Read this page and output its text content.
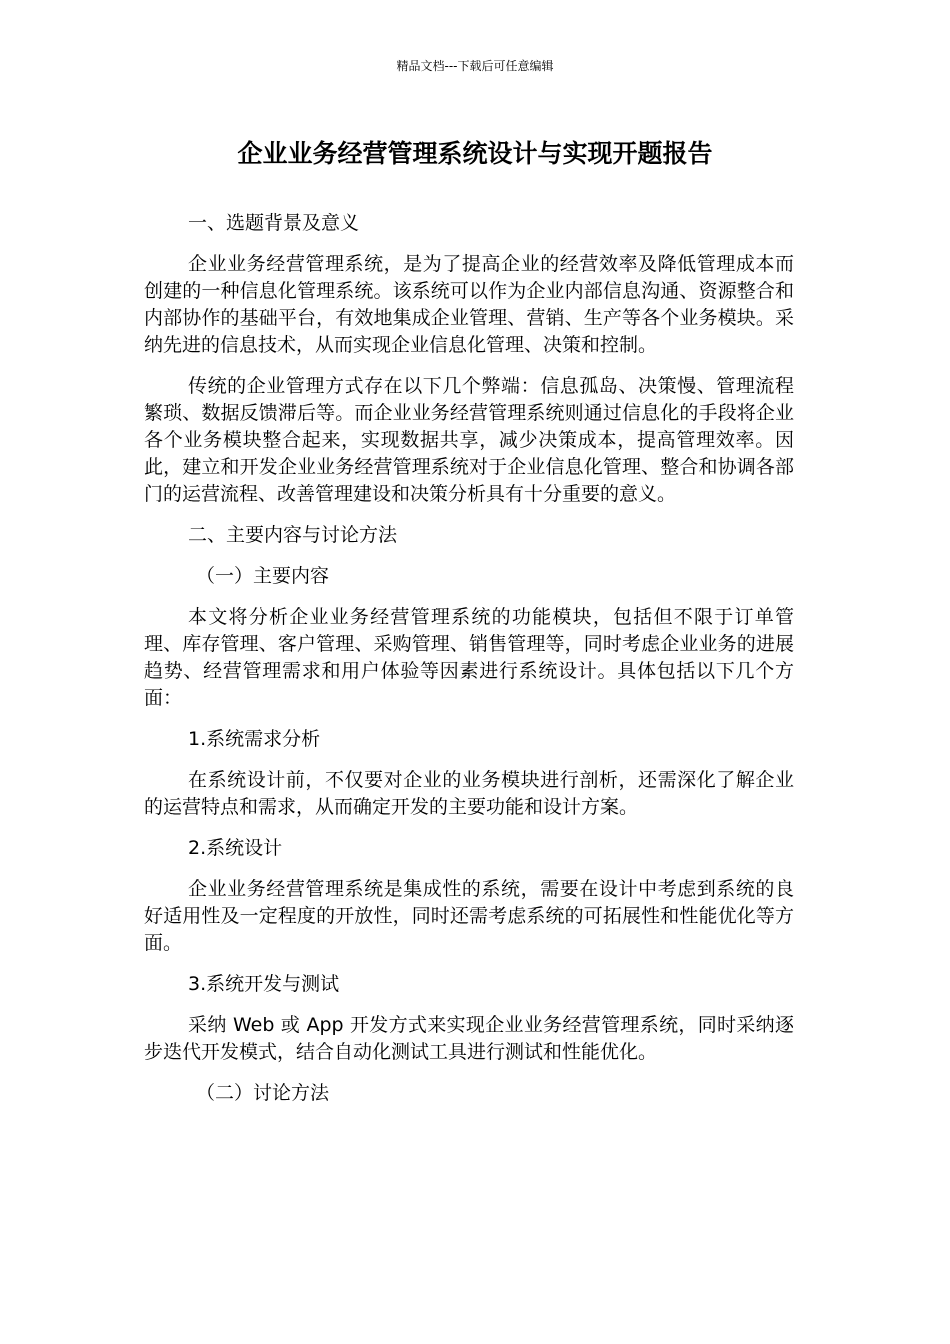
精品文档---下载后可任意编辑
企业业务经营管理系统设计与实现开题报告

一、选题背景及意义

企业业务经营管理系统，是为了提高企业的经营效率及降低管理成本而创建的一种信息化管理系统。该系统可以作为企业内部信息沟通、资源整合和内部协作的基础平台，有效地集成企业管理、营销、生产等各个业务模块。采纳先进的信息技术，从而实现企业信息化管理、决策和控制。

传统的企业管理方式存在以下几个弊端：信息孤岛、决策慢、管理流程繁琐、数据反馈滞后等。而企业业务经营管理系统则通过信息化的手段将企业各个业务模块整合起来，实现数据共享，减少决策成本，提高管理效率。因此，建立和开发企业业务经营管理系统对于企业信息化管理、整合和协调各部门的运营流程、改善管理建设和决策分析具有十分重要的意义。

二、主要内容与讨论方法

（一）主要内容

本文将分析企业业务经营管理系统的功能模块，包括但不限于订单管理、库存管理、客户管理、采购管理、销售管理等，同时考虑企业业务的进展趋势、经营管理需求和用户体验等因素进行系统设计。具体包括以下几个方面：

1.系统需求分析

在系统设计前，不仅要对企业的业务模块进行剖析，还需深化了解企业的运营特点和需求，从而确定开发的主要功能和设计方案。

2.系统设计

企业业务经营管理系统是集成性的系统，需要在设计中考虑到系统的良好适用性及一定程度的开放性，同时还需考虑系统的可拓展性和性能优化等方面。

3.系统开发与测试

采纳 Web 或 App 开发方式来实现企业业务经营管理系统，同时采纳逐步迭代开发模式，结合自动化测试工具进行测试和性能优化。

（二）讨论方法
